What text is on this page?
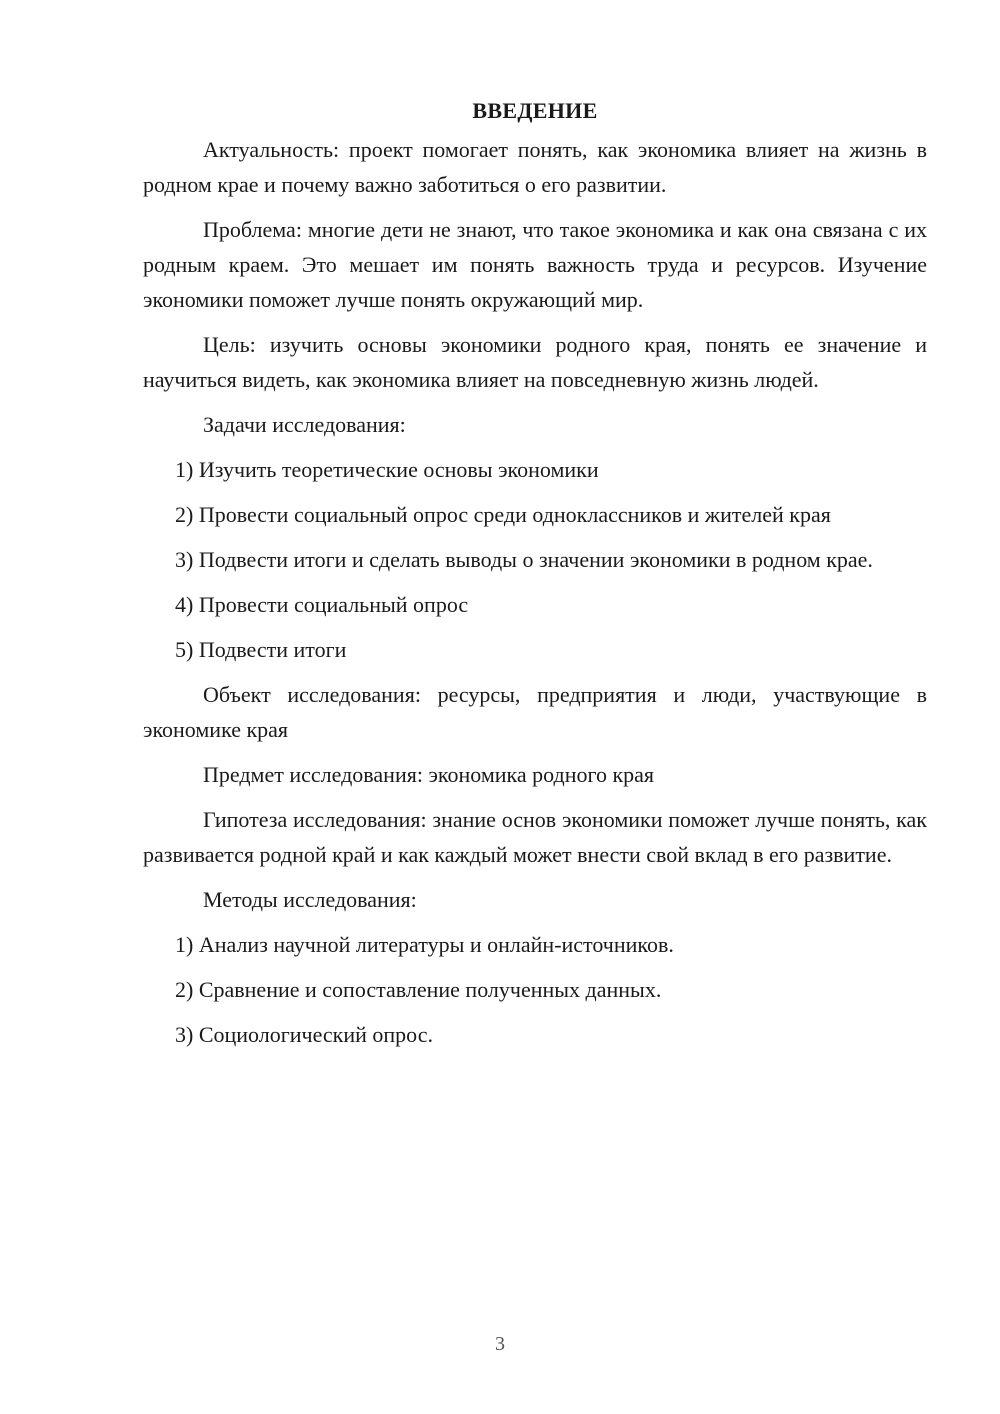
ВВЕДЕНИЕ

Актуальность: проект помогает понять, как экономика влияет на жизнь в родном крае и почему важно заботиться о его развитии.

Проблема: многие дети не знают, что такое экономика и как она связана с их родным краем. Это мешает им понять важность труда и ресурсов. Изучение экономики поможет лучше понять окружающий мир.

Цель: изучить основы экономики родного края, понять ее значение и научиться видеть, как экономика влияет на повседневную жизнь людей.

Задачи исследования:

1) Изучить теоретические основы экономики

2) Провести социальный опрос среди одноклассников и жителей края

3) Подвести итоги и сделать выводы о значении экономики в родном крае.

4) Провести социальный опрос

5) Подвести итоги

Объект исследования: ресурсы, предприятия и люди, участвующие в экономике края

Предмет исследования: экономика родного края

Гипотеза исследования: знание основ экономики поможет лучше понять, как развивается родной край и как каждый может внести свой вклад в его развитие.

Методы исследования:

1) Анализ научной литературы и онлайн-источников.

2) Сравнение и сопоставление полученных данных.

3) Социологический опрос.

3
